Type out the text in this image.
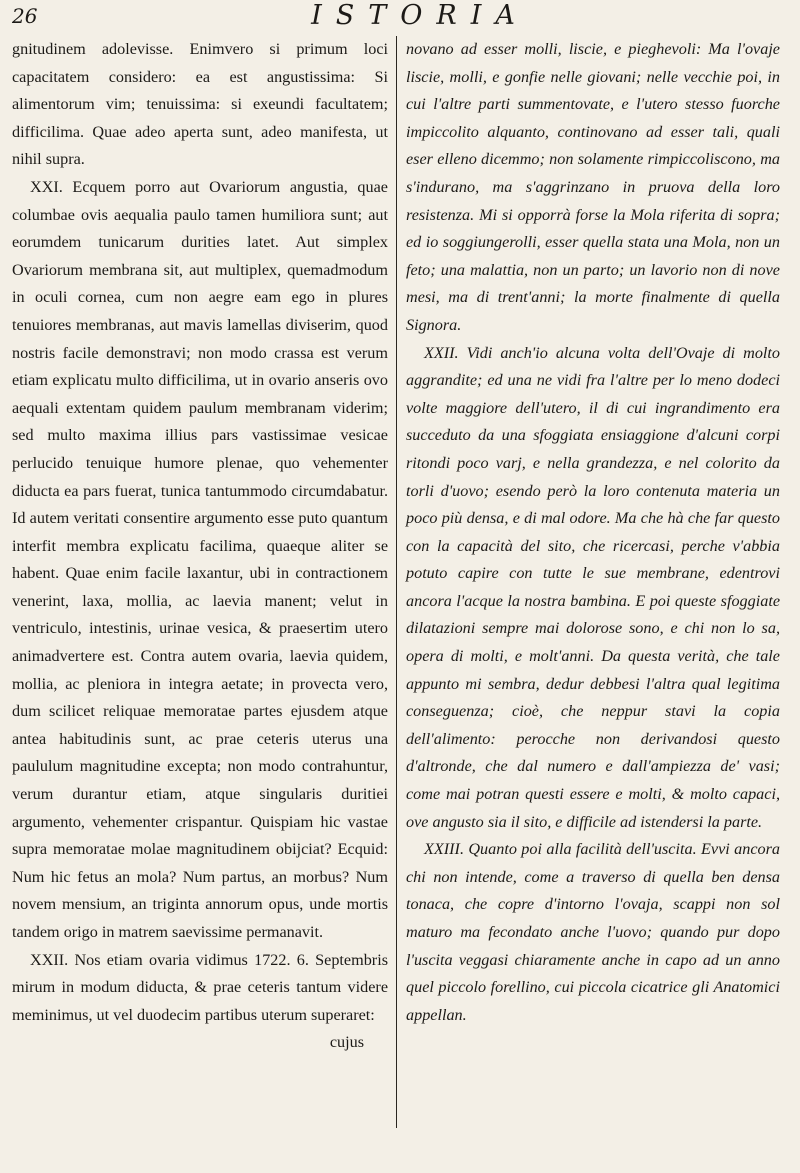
26	ISTORIA

gnitudinem adolevisse. Enimvero si primum loci capacitatem considero: ea est angustissima: Si alimentorum vim; tenuissima: si exeundi facultatem; difficilima. Quae adeo aperta sunt, adeo manifesta, ut nihil supra.

XXI. Ecquem porro aut Ovariorum angustia, quae columbae ovis aequalia paulo tamen humiliora sunt; aut eorumdem tunicarum durities latet. Aut simplex Ovariorum membrana sit, aut multiplex, quemadmodum in oculi cornea, cum non aegre eam ego in plures tenuiores membranas, aut mavis lamellas diviserim, quod nostris facile demonstravi; non modo crassa est verum etiam explicatu multo difficilima, ut in ovario anseris ovo aequali extentam quidem paulum membranam viderim; sed multo maxima illius pars vastissimae vesicae perlucido tenuique humore plenae, quo vehementer diducta ea pars fuerat, tunica tantummodo circumdabatur. Id autem veritati consentire argumento esse puto quantum interfit membra explicatu facilima, quaeque aliter se habent. Quae enim facile laxantur, ubi in contractionem venerint, laxa, mollia, ac laevia manent; velut in ventriculo, intestinis, urinae vesica, & praesertim utero animadvertere est. Contra autem ovaria, laevia quidem, mollia, ac pleniora in integra aetate; in provecta vero, dum scilicet reliquae memoratae partes ejusdem atque antea habitudinis sunt, ac prae ceteris uterus una paululum magnitudine excepta; non modo contrahuntur, verum durantur etiam, atque singularis duritiei argumento, vehementer crispantur. Quispiam hic vastae supra memoratae molae magnitudinem obijciat? Ecquid: Num hic fetus an mola? Num partus, an morbus? Num novem mensium, an triginta annorum opus, unde mortis tandem origo in matrem saevissime permanavit.

XXII. Nos etiam ovaria vidimus 1722. 6. Septembris mirum in modum diducta, & prae ceteris tantum videre meminimus, ut vel duodecim partibus uterum superaret:

cujus

novano ad esser molli, liscie, e pieghevoli: Ma l'ovaje liscie, molli, e gonfie nelle giovani; nelle vecchie poi, in cui l'altre parti summentovate, e l'utero stesso fuorche impiccolito alquanto, continovano ad esser tali, quali eser elleno dicemmo; non solamente rimpiccoliscono, ma s'indurano, ma s'aggrinzano in pruova della loro resistenza. Mi si opporrà forse la Mola riferita di sopra; ed io soggiungerolli, esser quella stata una Mola, non un feto; una malattia, non un parto; un lavorio non di nove mesi, ma di trent'anni; la morte finalmente di quella Signora.

XXII. Vidi anch'io alcuna volta dell'Ovaje di molto aggrandite; ed una ne vidi fra l'altre per lo meno dodeci volte maggiore dell'utero, il di cui ingrandimento era succeduto da una sfoggiata ensiaggione d'alcuni corpi ritondi poco varj, e nella grandezza, e nel colorito da torli d'uovo; esendo però la loro contenuta materia un poco più densa, e di mal odore. Ma che hà che far questo con la capacità del sito, che ricercasi, perche v'abbia potuto capire con tutte le sue membrane, edentrovi ancora l'acque la nostra bambina. E poi queste sfoggiate dilatazioni sempre mai dolorose sono, e chi non lo sa, opera di molti, e molt'anni. Da questa verità, che tale appunto mi sembra, dedur debbesi l'altra qual legitima conseguenza; cioè, che neppur stavi la copia dell'alimento: perocche non derivandosi questo d'altronde, che dal numero e dall'ampiezza de' vasi; come mai potran questi essere e molti, & molto capaci, ove angusto sia il sito, e difficile ad istendersi la parte.

XXIII. Quanto poi alla facilità dell'uscita. Evvi ancora chi non intende, come a traverso di quella ben densa tonaca, che copre d'intorno l'ovaja, scappi non sol maturo ma fecondato anche l'uovo; quando pur dopo l'uscita veggasi chiaramente anche in capo ad un anno quel piccolo forellino, cui piccola cicatrice gli Anatomici appellan.
